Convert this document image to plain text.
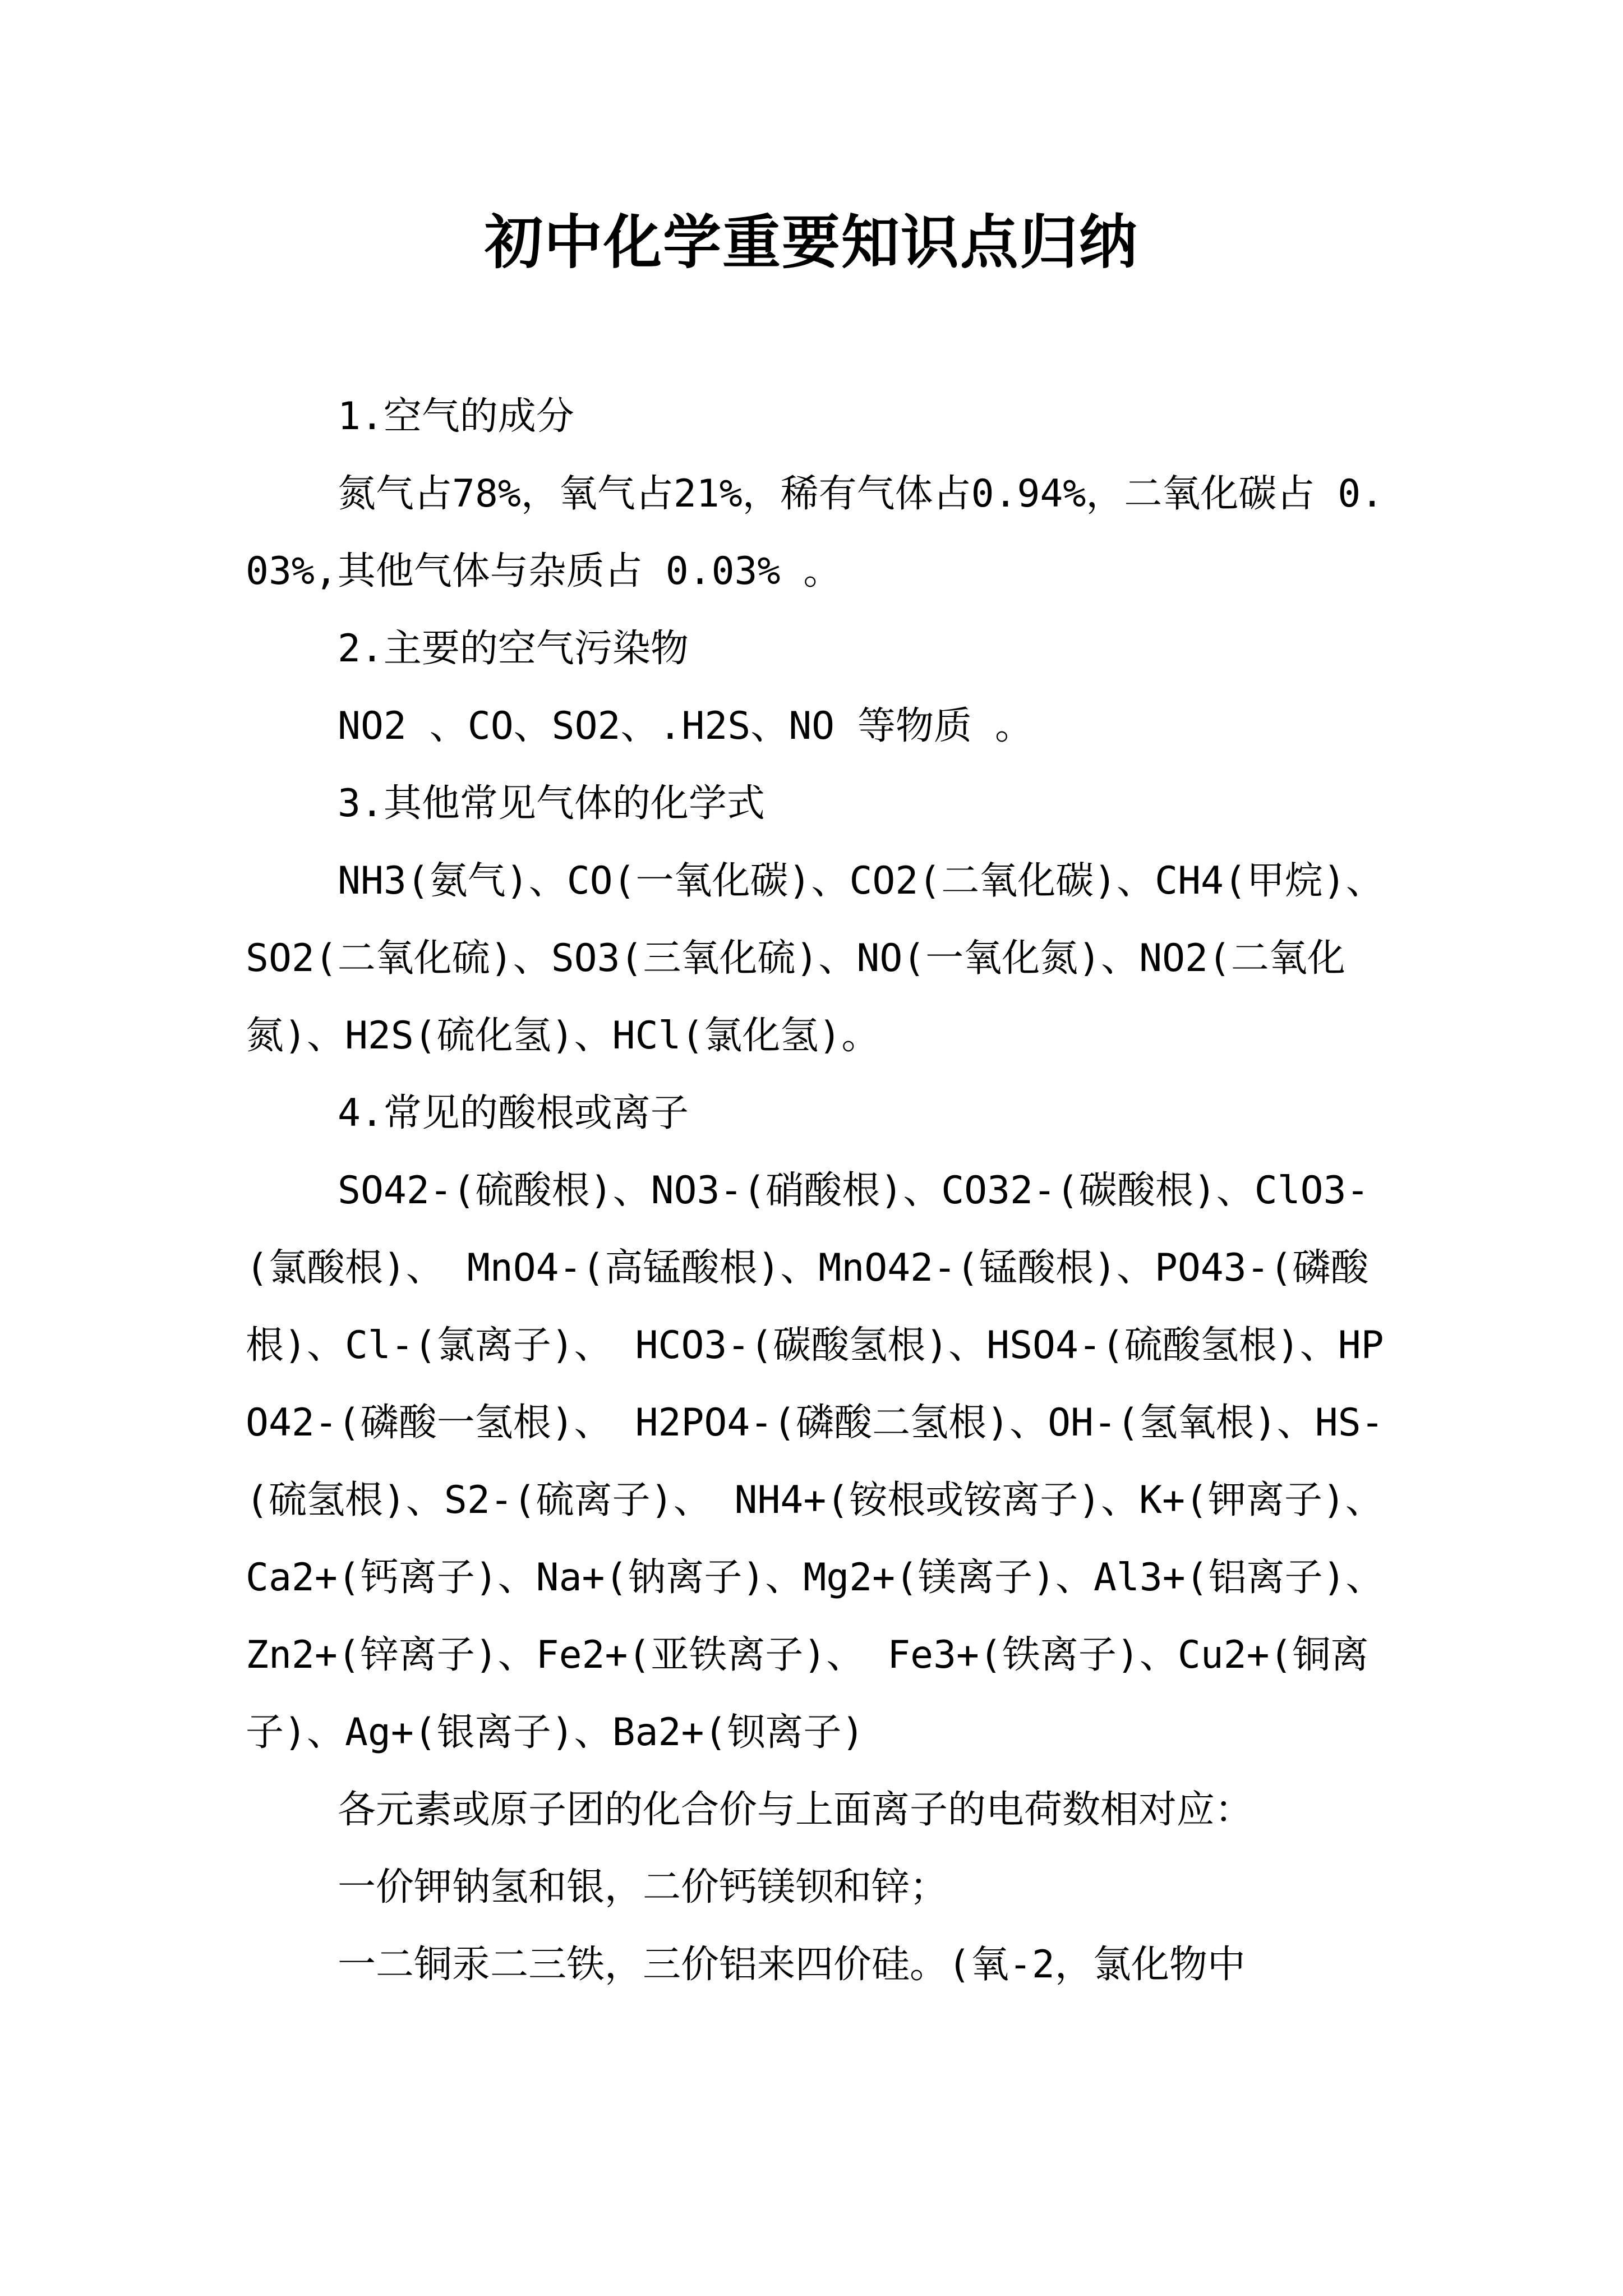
初中化学重要知识点归纳

1.空气的成分

氮气占78%，氧气占21%，稀有气体占0.94%，二氧化碳占 0.03%,其他气体与杂质占 0.03% 。

2.主要的空气污染物

NO2 、CO、SO2、.H2S、NO 等物质 。

3.其他常见气体的化学式

NH3(氨气)、CO(一氧化碳)、CO2(二氧化碳)、CH4(甲烷)、 SO2(二氧化硫)、SO3(三氧化硫)、NO(一氧化氮)、NO2(二氧化氮)、H2S(硫化氢)、HCl(氯化氢)。

4.常见的酸根或离子

SO42-(硫酸根)、NO3-(硝酸根)、CO32-(碳酸根)、ClO3-(氯酸根)、 MnO4-(高锰酸根)、MnO42-(锰酸根)、PO43-(磷酸根)、Cl-(氯离子)、 HCO3-(碳酸氢根)、HSO4-(硫酸氢根)、HPO42-(磷酸一氢根)、 H2PO4-(磷酸二氢根)、OH-(氢氧根)、HS-(硫氢根)、S2-(硫离子)、 NH4+(铵根或铵离子)、K+(钾离子)、Ca2+(钙离子)、Na+(钠离子)、Mg2+(镁离子)、Al3+(铝离子)、Zn2+(锌离子)、Fe2+(亚铁离子)、 Fe3+(铁离子)、Cu2+(铜离子)、Ag+(银离子)、Ba2+(钡离子)

各元素或原子团的化合价与上面离子的电荷数相对应：

一价钾钠氢和银，二价钙镁钡和锌；

一二铜汞二三铁，三价铝来四价硅。(氧-2，氯化物中
